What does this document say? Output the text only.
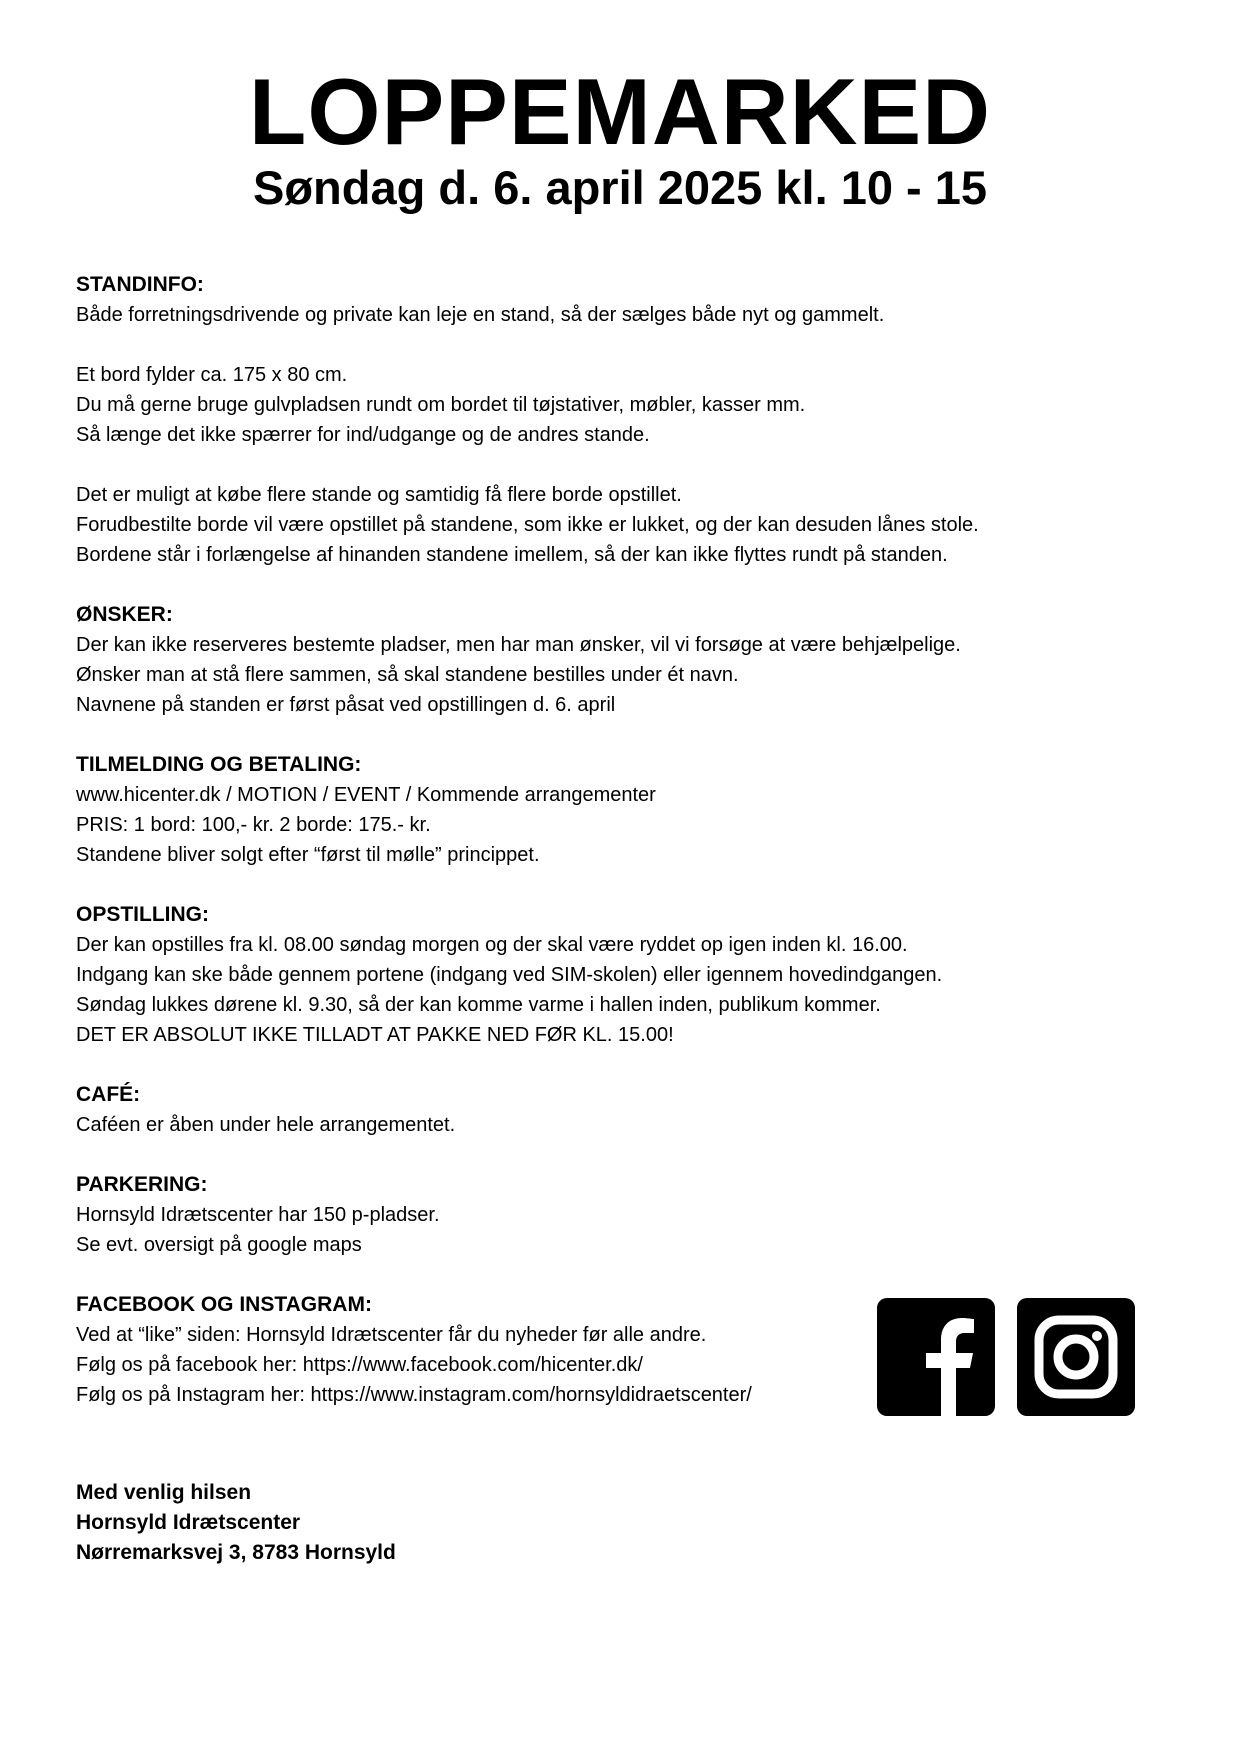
LOPPEMARKED
Søndag d. 6. april 2025 kl. 10 - 15

STANDINFO:

Både forretningsdrivende og private kan leje en stand, så der sælges både nyt og gammelt.

Et bord fylder ca. 175 x 80 cm.

Du må gerne bruge gulvpladsen rundt om bordet til tøjstativer, møbler, kasser mm.

Så længe det ikke spærrer for ind/udgange og de andres stande.

Det er muligt at købe flere stande og samtidig få flere borde opstillet.

Forudbestilte borde vil være opstillet på standene, som ikke er lukket, og der kan desuden lånes stole.

Bordene står i forlængelse af hinanden standene imellem, så der kan ikke flyttes rundt på standen.

ØNSKER:

Der kan ikke reserveres bestemte pladser, men har man ønsker, vil vi forsøge at være behjælpelige.

Ønsker man at stå flere sammen, så skal standene bestilles under ét navn.

Navnene på standen er først påsat ved opstillingen d. 6. april

TILMELDING OG BETALING:

www.hicenter.dk / MOTION / EVENT / Kommende arrangementer

PRIS: 1 bord: 100,- kr. 2 borde: 175.- kr.

Standene bliver solgt efter “først til mølle” princippet.

OPSTILLING:

Der kan opstilles fra kl. 08.00 søndag morgen og der skal være ryddet op igen inden kl. 16.00.

Indgang kan ske både gennem portene (indgang ved SIM-skolen) eller igennem hovedindgangen.

Søndag lukkes dørene kl. 9.30, så der kan komme varme i hallen inden, publikum kommer.

DET ER ABSOLUT IKKE TILLADT AT PAKKE NED FØR KL. 15.00!

CAFÉ:

Caféen er åben under hele arrangementet.

PARKERING:

Hornsyld Idrætscenter har 150 p-pladser.

Se evt. oversigt på google maps

FACEBOOK OG INSTAGRAM:

Ved at “like” siden: Hornsyld Idrætscenter får du nyheder før alle andre.

Følg os på facebook her: https://www.facebook.com/hicenter.dk/

Følg os på Instagram her: https://www.instagram.com/hornsyldidraetscenter/

Med venlig hilsen

Hornsyld Idrætscenter

Nørremarksvej 3, 8783 Hornsyld
